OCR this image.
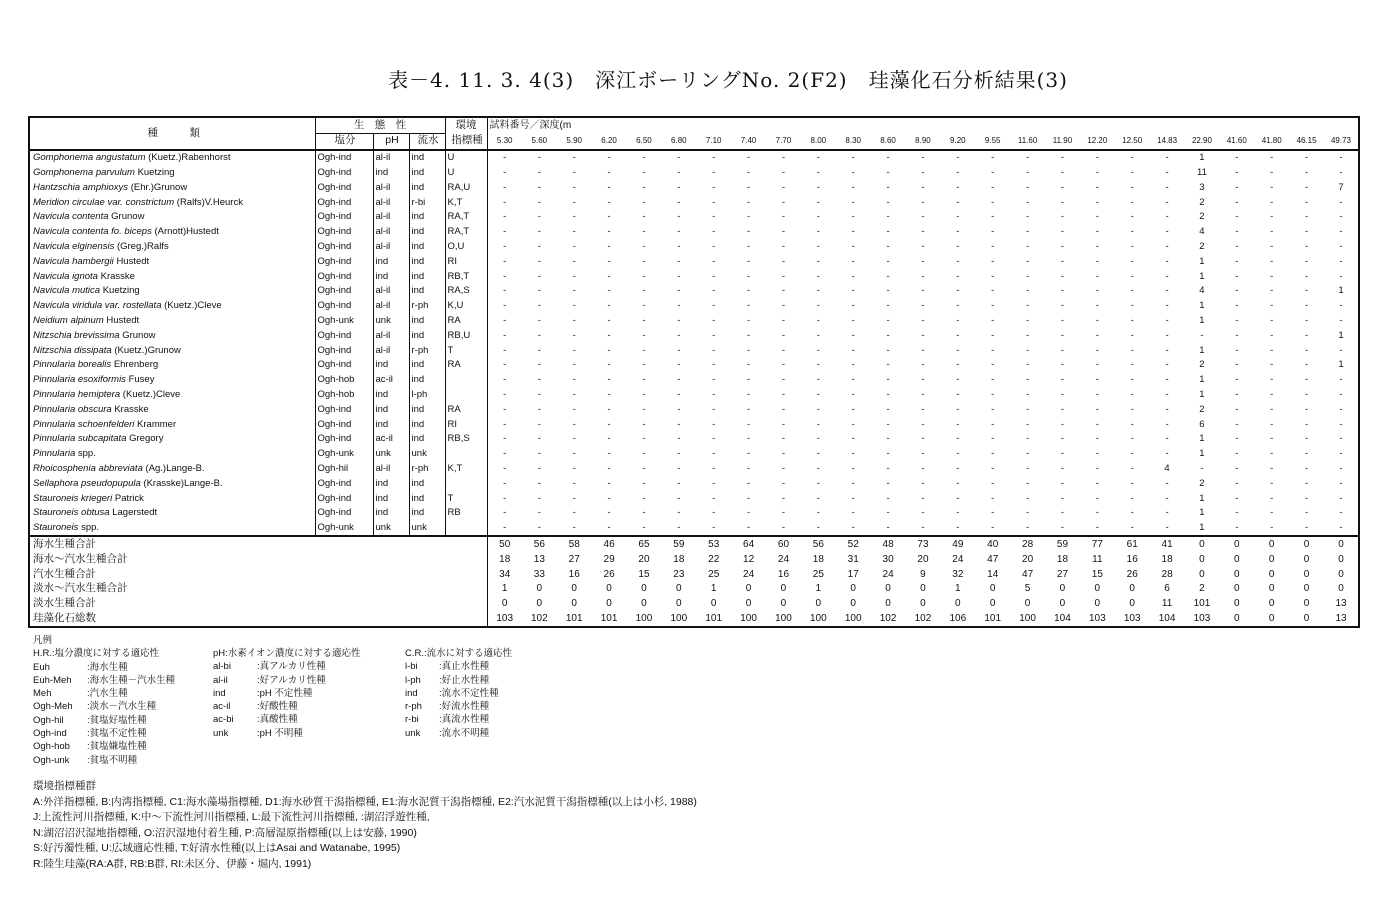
表－4. 11. 3. 4(3)　深江ボーリングNo. 2(F2)　珪藻化石分析結果(3)
種　　　類	生　態　性			環境	試料番号／深度(m																								
	塩分	pH	流水	指標種	5.30	5.60	5.90	6.20	6.50	6.80	7.10	7.40	7.70	8.00	8.30	8.60	8.90	9.20	9.55	11.60	11.90	12.20	12.50	14.83	22.90	41.60	41.80	46.15	49.73
Gomphonema angustatum (Kuetz.)Rabenhorst	Ogh-ind	al-il	ind	U	-	-	-	-	-	-	-	-	-	-	-	-	-	-	-	-	-	-	-	-	1	-	-	-	-
Gomphonema parvulum Kuetzing	Ogh-ind	ind	ind	U	-	-	-	-	-	-	-	-	-	-	-	-	-	-	-	-	-	-	-	-	11	-	-	-	-
Hantzschia amphioxys (Ehr.)Grunow	Ogh-ind	al-il	ind	RA,U	-	-	-	-	-	-	-	-	-	-	-	-	-	-	-	-	-	-	-	-	3	-	-	-	7
Meridion circulae var. constrictum (Ralfs)V.Heurck	Ogh-ind	al-il	r-bi	K,T	-	-	-	-	-	-	-	-	-	-	-	-	-	-	-	-	-	-	-	-	2	-	-	-	-
Navicula contenta Grunow	Ogh-ind	al-il	ind	RA,T	-	-	-	-	-	-	-	-	-	-	-	-	-	-	-	-	-	-	-	-	2	-	-	-	-
Navicula contenta fo. biceps (Arnott)Hustedt	Ogh-ind	al-il	ind	RA,T	-	-	-	-	-	-	-	-	-	-	-	-	-	-	-	-	-	-	-	-	4	-	-	-	-
Navicula elginensis (Greg.)Ralfs	Ogh-ind	al-il	ind	O,U	-	-	-	-	-	-	-	-	-	-	-	-	-	-	-	-	-	-	-	-	2	-	-	-	-
Navicula hambergii Hustedt	Ogh-ind	ind	ind	RI	-	-	-	-	-	-	-	-	-	-	-	-	-	-	-	-	-	-	-	-	1	-	-	-	-
Navicula ignota Krasske	Ogh-ind	ind	ind	RB,T	-	-	-	-	-	-	-	-	-	-	-	-	-	-	-	-	-	-	-	-	1	-	-	-	-
Navicula mutica Kuetzing	Ogh-ind	al-il	ind	RA,S	-	-	-	-	-	-	-	-	-	-	-	-	-	-	-	-	-	-	-	-	4	-	-	-	1
Navicula viridula var. rostellata (Kuetz.)Cleve	Ogh-ind	al-il	r-ph	K,U	-	-	-	-	-	-	-	-	-	-	-	-	-	-	-	-	-	-	-	-	1	-	-	-	-
Neidium alpinum Hustedt	Ogh-unk	unk	ind	RA	-	-	-	-	-	-	-	-	-	-	-	-	-	-	-	-	-	-	-	-	1	-	-	-	-
Nitzschia brevissima Grunow	Ogh-ind	al-il	ind	RB,U	-	-	-	-	-	-	-	-	-	-	-	-	-	-	-	-	-	-	-	-	-	-	-	-	1
Nitzschia dissipata (Kuetz.)Grunow	Ogh-ind	al-il	r-ph	T	-	-	-	-	-	-	-	-	-	-	-	-	-	-	-	-	-	-	-	-	1	-	-	-	-
Pinnularia borealis Ehrenberg	Ogh-ind	ind	ind	RA	-	-	-	-	-	-	-	-	-	-	-	-	-	-	-	-	-	-	-	-	2	-	-	-	1
Pinnularia esoxiformis Fusey	Ogh-hob	ac-il	ind		-	-	-	-	-	-	-	-	-	-	-	-	-	-	-	-	-	-	-	-	1	-	-	-	-
Pinnularia hemiptera (Kuetz.)Cleve	Ogh-hob	ind	l-ph		-	-	-	-	-	-	-	-	-	-	-	-	-	-	-	-	-	-	-	-	1	-	-	-	-
Pinnularia obscura Krasske	Ogh-ind	ind	ind	RA	-	-	-	-	-	-	-	-	-	-	-	-	-	-	-	-	-	-	-	-	2	-	-	-	-
Pinnularia schoenfelderi Krammer	Ogh-ind	ind	ind	RI	-	-	-	-	-	-	-	-	-	-	-	-	-	-	-	-	-	-	-	-	6	-	-	-	-
Pinnularia subcapitata Gregory	Ogh-ind	ac-il	ind	RB,S	-	-	-	-	-	-	-	-	-	-	-	-	-	-	-	-	-	-	-	-	1	-	-	-	-
Pinnularia spp.	Ogh-unk	unk	unk		-	-	-	-	-	-	-	-	-	-	-	-	-	-	-	-	-	-	-	-	1	-	-	-	-
Rhoicosphenia abbreviata (Ag.)Lange-B.	Ogh-hil	al-il	r-ph	K,T	-	-	-	-	-	-	-	-	-	-	-	-	-	-	-	-	-	-	-	4	-	-	-	-	-
Sellaphora pseudopupula (Krasske)Lange-B.	Ogh-ind	ind	ind		-	-	-	-	-	-	-	-	-	-	-	-	-	-	-	-	-	-	-	-	2	-	-	-	-
Stauroneis kriegeri Patrick	Ogh-ind	ind	ind	T	-	-	-	-	-	-	-	-	-	-	-	-	-	-	-	-	-	-	-	-	1	-	-	-	-
Stauroneis obtusa Lagerstedt	Ogh-ind	ind	ind	RB	-	-	-	-	-	-	-	-	-	-	-	-	-	-	-	-	-	-	-	-	1	-	-	-	-
Stauroneis spp.	Ogh-unk	unk	unk		-	-	-	-	-	-	-	-	-	-	-	-	-	-	-	-	-	-	-	-	1	-	-	-	-
海水生種合計					50	56	58	46	65	59	53	64	60	56	52	48	73	49	40	28	59	77	61	41	0	0	0	0	0
海水～汽水生種合計					18	13	27	29	20	18	22	12	24	18	31	30	20	24	47	20	18	11	16	18	0	0	0	0	0
汽水生種合計					34	33	16	26	15	23	25	24	16	25	17	24	9	32	14	47	27	15	26	28	0	0	0	0	0
淡水～汽水生種合計					1	0	0	0	0	0	1	0	0	1	0	0	0	1	0	5	0	0	0	6	2	0	0	0	0
淡水生種合計					0	0	0	0	0	0	0	0	0	0	0	0	0	0	0	0	0	0	0	11	101	0	0	0	13
珪藻化石総数					103	102	101	101	100	100	101	100	100	100	100	102	102	106	101	100	104	103	103	104	103	0	0	0	13
凡例
H.R.:塩分濃度に対する適応性
Euh	:海水生種
Euh-Meh :海水生種－汽水生種
Meh	:汽水生種
Ogh-Meh :淡水－汽水生種
Ogh-hil :貧塩好塩性種
Ogh-ind :貧塩不定性種
Ogh-hob :貧塩嫌塩性種
Ogh-unk :貧塩不明種
pH:水素イオン濃度に対する適応性
al-bi	:真アルカリ性種
al-il	:好アルカリ性種
ind	:pH 不定性種
ac-il	:好酸性種
ac-bi :真酸性種
unk	:pH 不明種
C.R.:流水に対する適応性
l-bi :真止水性種
l-ph :好止水性種
ind :流水不定性種
r-ph :好流水性種
r-bi :真流水性種
unk :流水不明種
環境指標種群
A:外洋指標種, B:内湾指標種, C1:海水藻場指標種, D1:海水砂質干潟指標種, E1:海水泥質干潟指標種, E2:汽水泥質干潟指標種(以上は小杉, 1988)
J:上流性河川指標種, K:中～下流性河川指標種, L:最下流性河川指標種, :湖沼浮遊性種,
N:湖沼沼沢湿地指標種, O:沼沢湿地付着生種, P:高層湿原指標種(以上は安藤, 1990)
S:好汚濁性種, U:広域適応性種, T:好清水性種(以上はAsai and Watanabe, 1995)
R:陸生珪藻(RA:A群, RB:B群, RI:未区分、伊藤・堀内, 1991)
